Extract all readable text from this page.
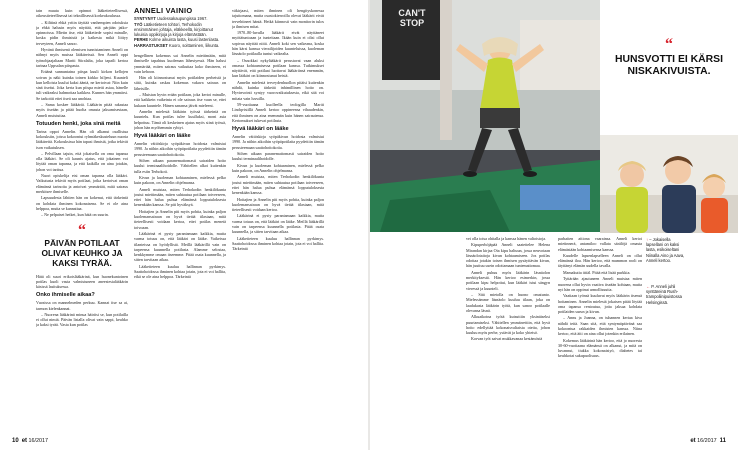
tain muuta kuin opinnot lääketieteellisessä, oikeustieteellisessä tai teknillisessä korkeakoulussa.

– Kilttinä ehkä yritin täyttää vanhempien odotuksia ja ehkä halusin myös näyttää, että pärjään jatko-opinnoissa. Mietin itse, että lääketiede sopisi minulle, koska pidin ihmisistä ja kaikesta mikä liittyy terveyteen, Anneli sanoo.

Hyvänä ihmisenä olemisen tunnistaminen Anneli on nähnyt myös muissa lääkäreissä. Sen Anneli oppi työnohjaajaltaan Martti Siiralalta, joka tapaili kertoa tarinaa Uppsalan piispasta.

Eräänä sunnuntaina piispa kuuli kirkon kellojen soivan ja näki kuinka toinen kirkko hiljeni. Kuunteli kun kelloista kuului kaksi ääntä, ne kertoivat: Niin kuin sinä itseäsi. Joka kerta kun piispa mietti asiaa, hänelle tuli vaikeaksi hahmottaa kaikkea. Kunnes hän ymmärsi. Se tarkoitti ettei itseä saa unohtaa.

– Sama koskee lääkäriä. Lääkärin pitää rakastaa myös itseään ja pitää huolta omasta jaksamisestaan, Anneli muistuttaa.

Totuuden henki, joka sinä meitä

Tarina oppoi Annelin. Hän oli alkanut osallistua kokouksiin, joissa kokoontui ryhmäkeskusteluun nuoria lääkäreitä. Kokouksissa hän tapasi ihmisiä, jotka tekivät ison vaikutuksen.

– Pelvillaan tajuin, että jokaisella on oma tapansa olla lääkäri. Se oli kaunis ajatus, että jokainen voi löytää oman tapansa, ja että kaikilla on aina jotakin, johon voi tarttua.

Nuori opiskelija etsi oman tapansa olla lääkäri. Vaikutusta tekivät myös potilaat, jotka kertoivat oman elämänsä tarinoita ja antoivat ymmärtää, mitä sairaus merkitsee ihmiselle.

Lapsuudesta lähtien hän on kokenut, että tärkeintä on kohdata ihminen kokonaisena. Se ei ole aina helppoa, mutta se kannattaa.

– Ne pelpaiset hetket, kun hätä on suurin.

“
PÄIVÄN POTILAAT OLIVAT KEUHKO JA KAKSI TYRÄÄ.

Hätä oli suuri erikoislääkärinä, kun huonekuntoinen potilas kuoli vasta valmistuneen aneestesialääkärin käsissä lasituksessa.

Onko ihmiselle aikaa?

Vuosissa on mannelmeden perkuu. Kannat itse sa ai, tarmon kielenkannat.

– Nuorena lääkärinä minua häiritsi se, kun potilailla ei ollut nimiä. Päivän listalla olivat vain sappi, keuhko ja kaksi tyrää. Vasta kun potilas

ANNELI VAINIO
SYNTYNYT Uudessakaupungissa 1967.
TYÖ Lääketieteen tohtori, Terhokodin ensimmäinen johtaja, eläkkeellä, kirjoittanut lukuisia oppikirjoja ja kirjoja elämästään.
PERHE Kolme aikuista lasta, kuusi lastenlasta.
HARRASTUKSET Kuoro, soittaminen, liikunta.

hengellinen kokemus sai Annelin miettimään, mitä ihmiselle tapahtuu kuoleman lähestyessä. Hän halusi ymmärtää, miten sairaus vaikuttaa koko ihmiseen, ei vain kehoon.

Hän oli kiinnostunut myös potilaiden perheistä ja siitä, kuinka raskas kokemus vakava sairaus on läheisille.

– Muistan hyvin erään potilaan, joka kertoi minulle, että kaikkein vaikeinta ei ole sairaus itse vaan se, ettei kukaan kuuntele. Hänen sanansa jäivät mieleeni.

Annelin mielestä lääkärin työssä tärkeintä on kuuntelu. Kun potilas tulee kuulluksi, moni asia helpottuu. Tämä oli keskeinen ajatus myös siinä työssä, johon hän myöhemmin ryhtyi.

Hyvä lääkäri on lääke

Annelin väitöskirja syöpäkivun hoidosta valmistui 1990. Ja niihin aikoihin syöpäpotilaita pyydettiin tämän perusteemaan saattohoitokotia.

Siihen aikaan paranemattomasti sairaiden hoito kuului terminaalihoidolle. Vähitellen alkoi kuitenkin tulla esiin Terhokoti.

Kivun ja kuoleman kohtaaminen, mielessä pelko kuin pakoon, on Annelin ohjelmansa.

Anneli muistaa, miten Terhokodin henkilökunta joutui miettimään, miten suhtautua potilaan toiveeseen, ettei hän halua puhua elämänsä lopputuloksesta kenenkään kanssa. Se piti hyväksyä.

Hoitajien ja Annelin piti myös pohtia, kuinka paljon kuolemansairaan on hyvä tietää tilastaan, mitä tieteellisesti voidaan kertoa, ettei potilas menetä toivoaan.

Lääkärinä ei pysty parantamaan kaikkia, mutta varma totuus on, että lääkäri on lääke. Vaikeissa tilanteissa on hyödyllistä. Meillä lääkärillä vain on tarpeensa kuunnella potilasta. Alamme selostaa, kenkkymme omaan itseemme. Pitää osata kuunnella, ja sitten tarvitaan aikaa.

Lääketieteen kuuluu hallinnan pyrkimys. Saattohoidossa ihminen kohtaa jotain, jota ei voi hallita, eikä se ole aina helppoa. Tärkeintä

väkirjaasi, miten ihminen oli hengityskonessa tajuttomana, mutta osastokierroilla olevat lääkärit eivät tervehtineet häntä. Hetkä kiinnosti vain monitorin tulos ja ihmisen mitat.

1970–80-luvulla lääkärit eivät näyttäneet myötätuntoaan ja tunteitaan. Ikään kuin ei olisi ollut sopivaa näyttää niitä. Anneli koki sen vaikeana, koska hän kärsi kanssa vierailijoiden kuunteluissa, kuoleman läsnäolo potilaalla tuntui vaikealta.

– Osnokkai nykylääkärit perustavat vaan aluksi omassa kohtaamisessa potilaan kanssa. Tutkimukset näyttävät, että potilaat luottavat lääkäriinsä enemmän, kun lääkäri on kiinnostunut heistä.

Annelin mielestä terveydenhuollon pitäisi kuitenkin nähdä, kuinka tärkeää inhimillinen hoito on. Hyvinvointi syntyy vuorovaikutuksesta, eikä sitä voi mitata vain luvuilla.

59-vuotiaana kuolleella teologilla Martti Lindqvistillä Anneli kertoo oppineensa vihaudenkin, että ihminen on aina enemmän kuin hänen sairautensa. Kertomukset tukevat potilasta.

Hyvä lääkäri on lääke

Annelin väitöskirja syöpäkivun hoidosta valmistui 1990. Ja niihin aikoihin syöpäpotilaita pyydettiin tämän perusteemaan saattohoitokotia.

Siihen aikaan paranemattomasti sairaiden hoito kuului terminaalihoidolle.

Kivun ja kuoleman kohtaaminen, mielessä pelko kuin pakoon, on Annelin ohjelmansa.

Anneli muistaa, miten Terhokodin henkilökunta joutui miettimään, miten suhtautua potilaan toiveeseen, ettei hän halua puhua elämänsä lopputuloksesta kenenkään kanssa.

Hoitajien ja Annelin piti myös pohtia, kuinka paljon kuolemansairaan on hyvä tietää tilastaan, mitä tieteellisesti voidaan kertoa.

Lääkärinä ei pysty parantamaan kaikkia, mutta varma totuus on, että lääkäri on lääke. Meillä lääkärillä vain on tarpeensa kuunnella potilasta. Pitää osata kuunnella, ja sitten tarvitaan aikaa.

Lääketieteen kuuluu hallinnan pyrkimys. Saattohoidossa ihminen kohtaa jotain, jota ei voi hallita. Tärkeintä

10 et 16/2017
CAN'T STOP
“
HUNSVOTTI EI KÄRSI NISKAKIVUISTA.
↑ – Jokaisella lapsellani on kaksi lasta, esikoiseltani Niinalla Aino ja Aava, Anneli kertoo.

vei olla toisa ohitalla ja kanssa hänen valtoistoja.

Kipuperhöjäpää Anneli saatettelee Helena Mirandan kirjaa Ota kipu haltuun, jossa neuvotaan läsnäolotaitoja kivun kohtaamiseen. Jos potilas odottaa jotakin toisen ihmisen pysäyttävän kivun, hän juuttuu usein odottamaan tuntemattomaa.

Anneli puhuu myös lääkärin läsnäolon merkityksestä. Hän kertoo esimerkin, jossa potilaan kipu helpottui, kun lääkäri istui sängyn vieressä ja kuunteli.

– Sitä mietolla on huono omatunto. Mielessämme läsnäolo kuuluu tilaan, joka on laadukasta lääkärin työtä, kun sanoo potilaalle olevansa läsnä.

Alkuaikoina työtä kutsuttiin yksinäiseksi puurtamiseksi. Vähitellen ymmärrettiin, että hyvä hoito edellyttää kokonaisvaltaista otetta, johon kuuluu myös perhe, ystävät ja koko yhteisö.

Korvan työt saivat mukkavanaa kestämöstä

parhaiten aitiona vaarainsa. Anneli kertoi mietinnerä, antamiloo vallata särälöjä omasta elämästään kohtaamisensa kanssa.

Kuudelle lapsenlapselleen Anneli on ollut elämänsä iloa. Hän kertoo, että mummon rooli on täyttänyt elämän uudella tavalla.

Mamakutia ittiäl. Pitää että lisää purkkia.

Tyttärään ajautuneen Anneli muistaa miten nuorena ollut hyvin vaativa itseään kohtaan, mutta nyt hän on oppinut armollisuutta.

Vaatiaan työnsä kuuluvat myös lääkärin itsensä hoitaminen. Annelin mielestä jokaisen pitää löytää oma tapansa rentoutua, jotta jaksaa kohdata potilaiden surun ja kivun.

– Annu ja Joanna, on tuhannen kertaa kiva nähdä teitä. Saan sitä, että syntymäpäivänä saa kokoontua rakkaiden ihmisten kanssa. Niina kertoo, että äiti on aina ollut jotenkin erilainen.

Kokemus lääkärinä hän kertoo, että jo nuoresta 30-60-vuotiaana elämänsä on alkanut, ja mitä on luvannut, tiukka kokonaistyö, diabetes tai keuhkotai sukupuolisuus.

← P. Anneli juhli synttäreinä Rush-trampoliinipuistossa Helsingissä.
et 16/2017 11
